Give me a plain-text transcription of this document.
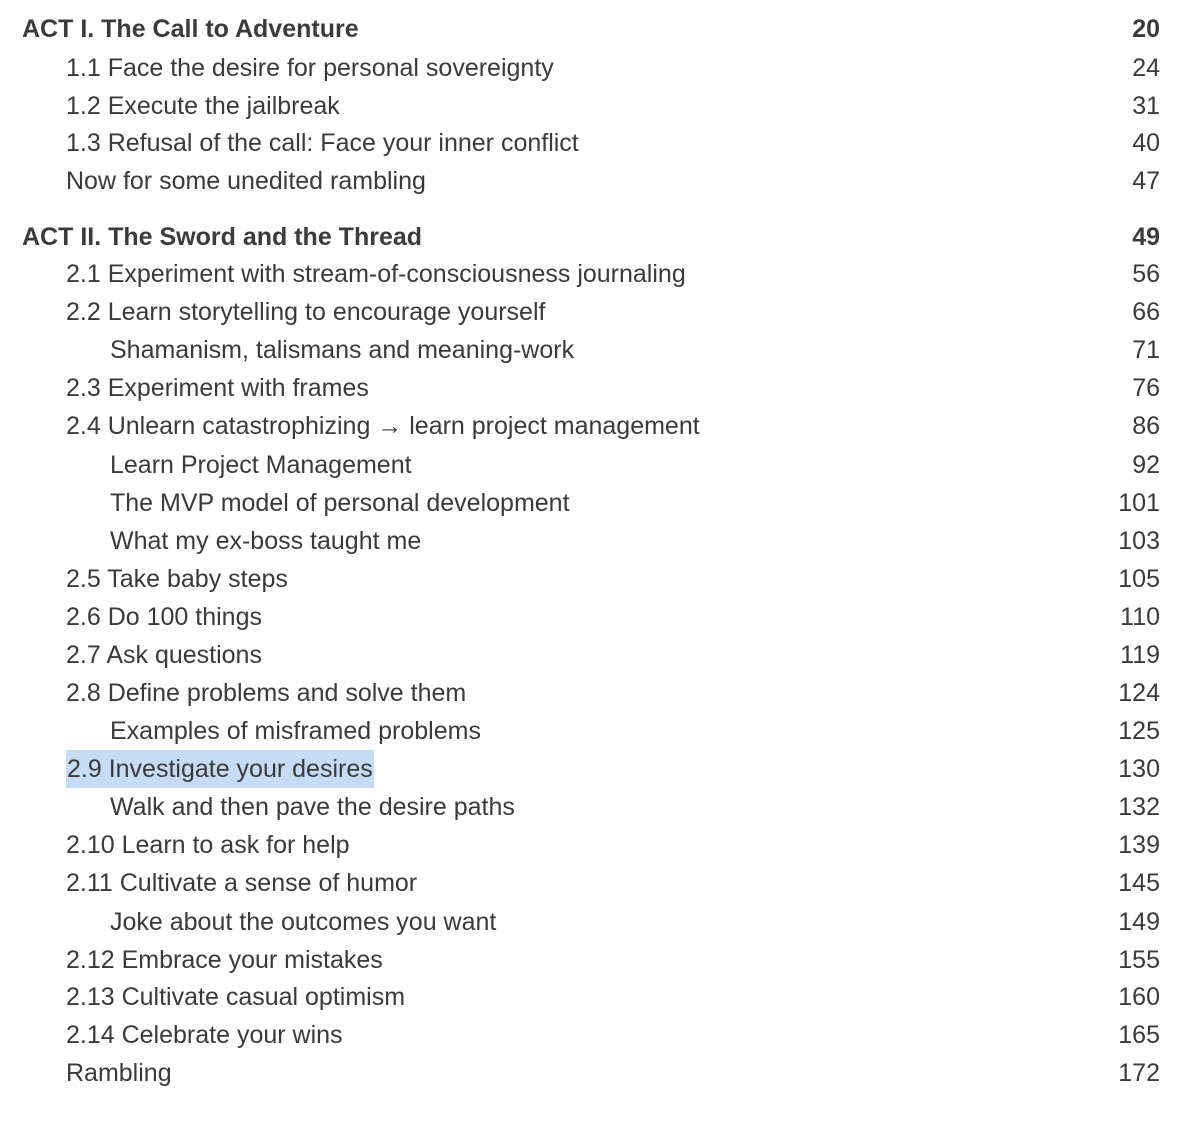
ACT I. The Call to Adventure	20
1.1 Face the desire for personal sovereignty	24
1.2 Execute the jailbreak	31
1.3 Refusal of the call: Face your inner conflict	40
Now for some unedited rambling	47
ACT II. The Sword and the Thread	49
2.1 Experiment with stream-of-consciousness journaling	56
2.2 Learn storytelling to encourage yourself	66
Shamanism, talismans and meaning-work	71
2.3 Experiment with frames	76
2.4 Unlearn catastrophizing → learn project management	86
Learn Project Management	92
The MVP model of personal development	101
What my ex-boss taught me	103
2.5 Take baby steps	105
2.6 Do 100 things	110
2.7 Ask questions	119
2.8 Define problems and solve them	124
Examples of misframed problems	125
2.9 Investigate your desires	130
Walk and then pave the desire paths	132
2.10 Learn to ask for help	139
2.11 Cultivate a sense of humor	145
Joke about the outcomes you want	149
2.12 Embrace your mistakes	155
2.13 Cultivate casual optimism	160
2.14 Celebrate your wins	165
Rambling	172
